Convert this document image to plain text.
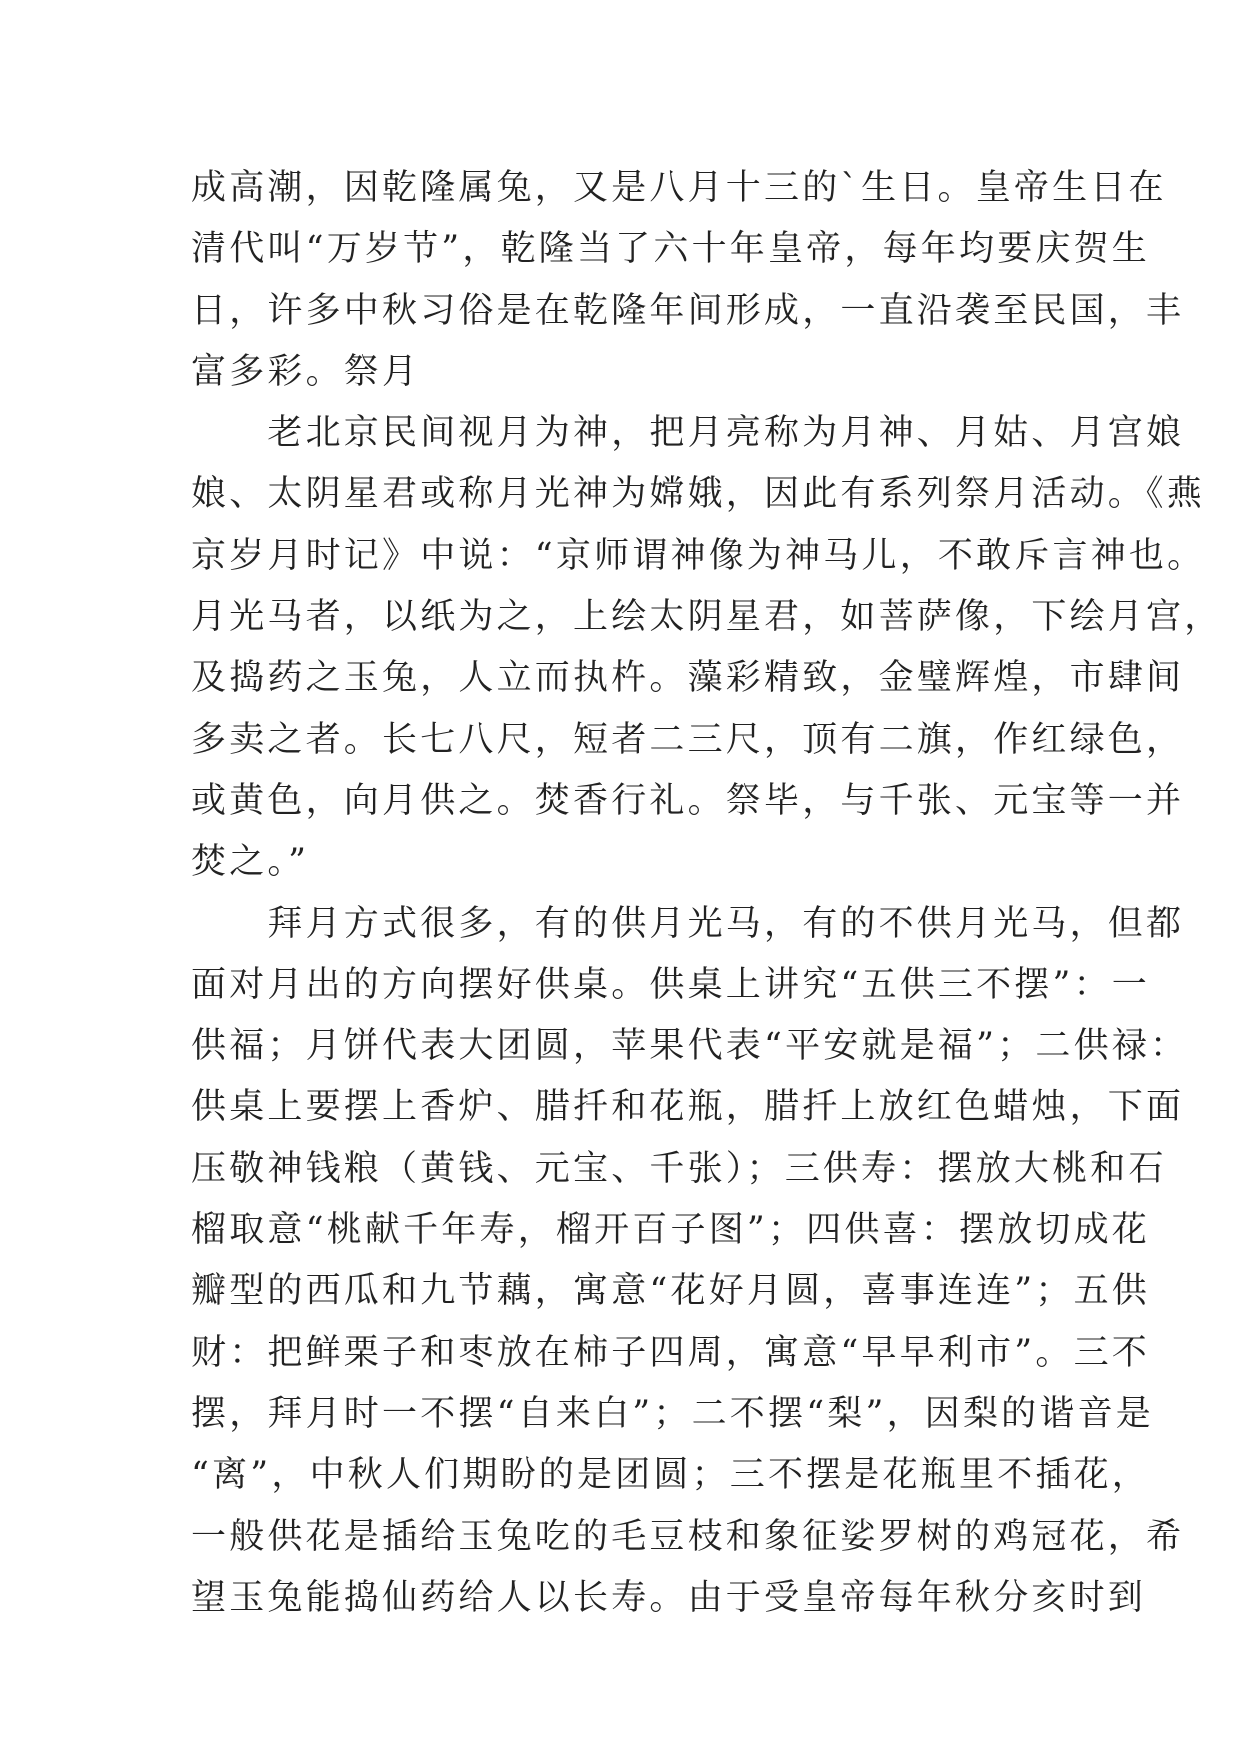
成高潮，因乾隆属兔，又是八月十三的`生日。皇帝生日在
清代叫“万岁节”，乾隆当了六十年皇帝，每年均要庆贺生
日，许多中秋习俗是在乾隆年间形成，一直沿袭至民国，丰
富多彩。祭月
　　老北京民间视月为神，把月亮称为月神、月姑、月宫娘
娘、太阴星君或称月光神为嫦娥，因此有系列祭月活动。《燕
京岁月时记》中说：“京师谓神像为神马儿，不敢斥言神也。
月光马者，以纸为之，上绘太阴星君，如菩萨像，下绘月宫，
及捣药之玉兔，人立而执杵。藻彩精致，金璧辉煌，市肆间
多卖之者。长七八尺，短者二三尺，顶有二旗，作红绿色，
或黄色，向月供之。焚香行礼。祭毕，与千张、元宝等一并
焚之。”
　　拜月方式很多，有的供月光马，有的不供月光马，但都
面对月出的方向摆好供桌。供桌上讲究“五供三不摆”：一
供福；月饼代表大团圆，苹果代表“平安就是福”；二供禄：
供桌上要摆上香炉、腊扦和花瓶，腊扦上放红色蜡烛，下面
压敬神钱粮（黄钱、元宝、千张）；三供寿：摆放大桃和石
榴取意“桃献千年寿，榴开百子图”；四供喜：摆放切成花
瓣型的西瓜和九节藕，寓意“花好月圆，喜事连连”；五供
财：把鲜栗子和枣放在柿子四周，寓意“早早利市”。三不
摆，拜月时一不摆“自来白”；二不摆“梨”，因梨的谐音是
“离”，中秋人们期盼的是团圆；三不摆是花瓶里不插花，
一般供花是插给玉兔吃的毛豆枝和象征娑罗树的鸡冠花，希
望玉兔能捣仙药给人以长寿。由于受皇帝每年秋分亥时到
